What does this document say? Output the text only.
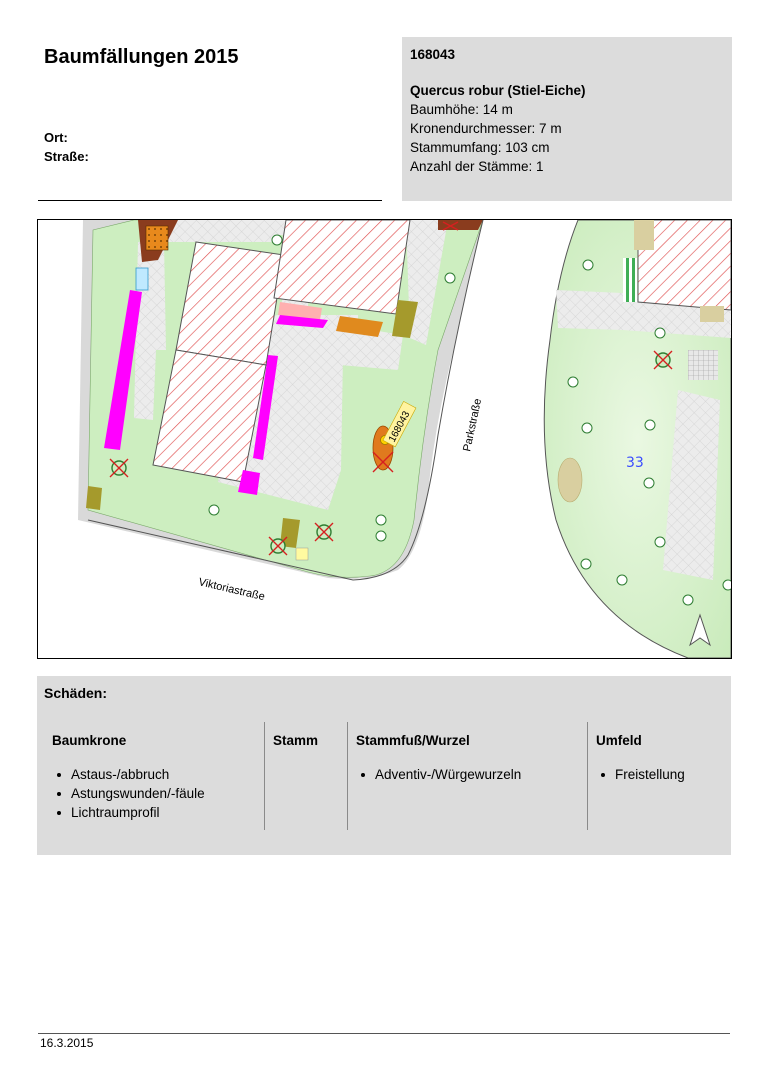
Baumfällungen 2015
Ort:
Straße:
168043
Quercus robur (Stiel-Eiche)
Baumhöhe: 14 m
Kronendurchmesser: 7 m
Stammumfang: 103 cm
Anzahl der Stämme: 1
168043
Viktoriastraße
Parkstraße
33
Schäden:
Baumkrone
Astaus-/abbruch
Astungswunden/-fäule
Lichtraumprofil
Stamm	Stammfuß/Wurzel
Adventiv-/Würgewurzeln
Umfeld
Freistellung
16.3.2015
